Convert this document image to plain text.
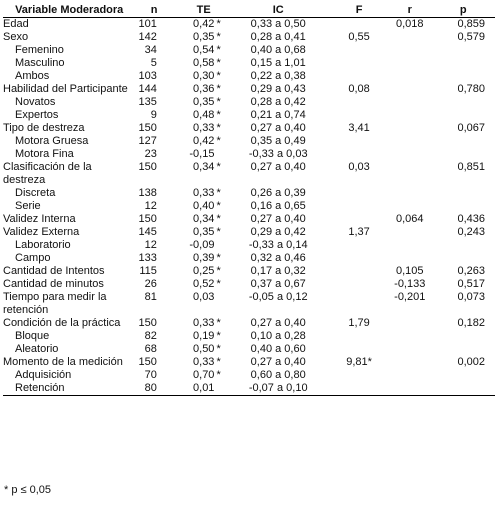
Variable Moderadora	n	TE		IC	F	r	p
Edad	101	0,42	*	0,33 a 0,50		0,018	0,859
Sexo	142	0,35	*	0,28 a 0,41	0,55		0,579
Femenino	34	0,54	*	0,40 a 0,68			
Masculino	5	0,58	*	0,15 a 1,01			
Ambos	103	0,30	*	0,22 a 0,38			
Habilidad del Participante	144	0,36	*	0,29 a 0,43	0,08		0,780
Novatos	135	0,35	*	0,28 a 0,42			
Expertos	9	0,48	*	0,21 a 0,74			
Tipo de destreza	150	0,33	*	0,27 a 0,40	3,41		0,067
Motora Gruesa	127	0,42	*	0,35 a 0,49			
Motora Fina	23	-0,15		-0,33 a 0,03			
Clasificación de la destreza	150	0,34	*	0,27 a 0,40	0,03		0,851
Discreta	138	0,33	*	0,26 a 0,39			
Serie	12	0,40	*	0,16 a 0,65			
Validez Interna	150	0,34	*	0,27 a 0,40		0,064	0,436
Validez Externa	145	0,35	*	0,29 a 0,42	1,37		0,243
Laboratorio	12	-0,09		-0,33 a 0,14			
Campo	133	0,39	*	0,32 a 0,46			
Cantidad de Intentos	115	0,25	*	0,17 a 0,32		0,105	0,263
Cantidad de minutos	26	0,52	*	0,37 a 0,67		-0,133	0,517
Tiempo para medir la retención	81	0,03		-0,05 a 0,12		-0,201	0,073
Condición de la práctica	150	0,33	*	0,27 a 0,40	1,79		0,182
Bloque	82	0,19	*	0,10 a 0,28			
Aleatorio	68	0,50	*	0,40 a 0,60			
Momento de la medición	150	0,33	*	0,27 a 0,40	9,81*		0,002
Adquisición	70	0,70	*	0,60 a 0,80			
Retención	80	0,01		-0,07 a 0,10			
* p ≤ 0,05
